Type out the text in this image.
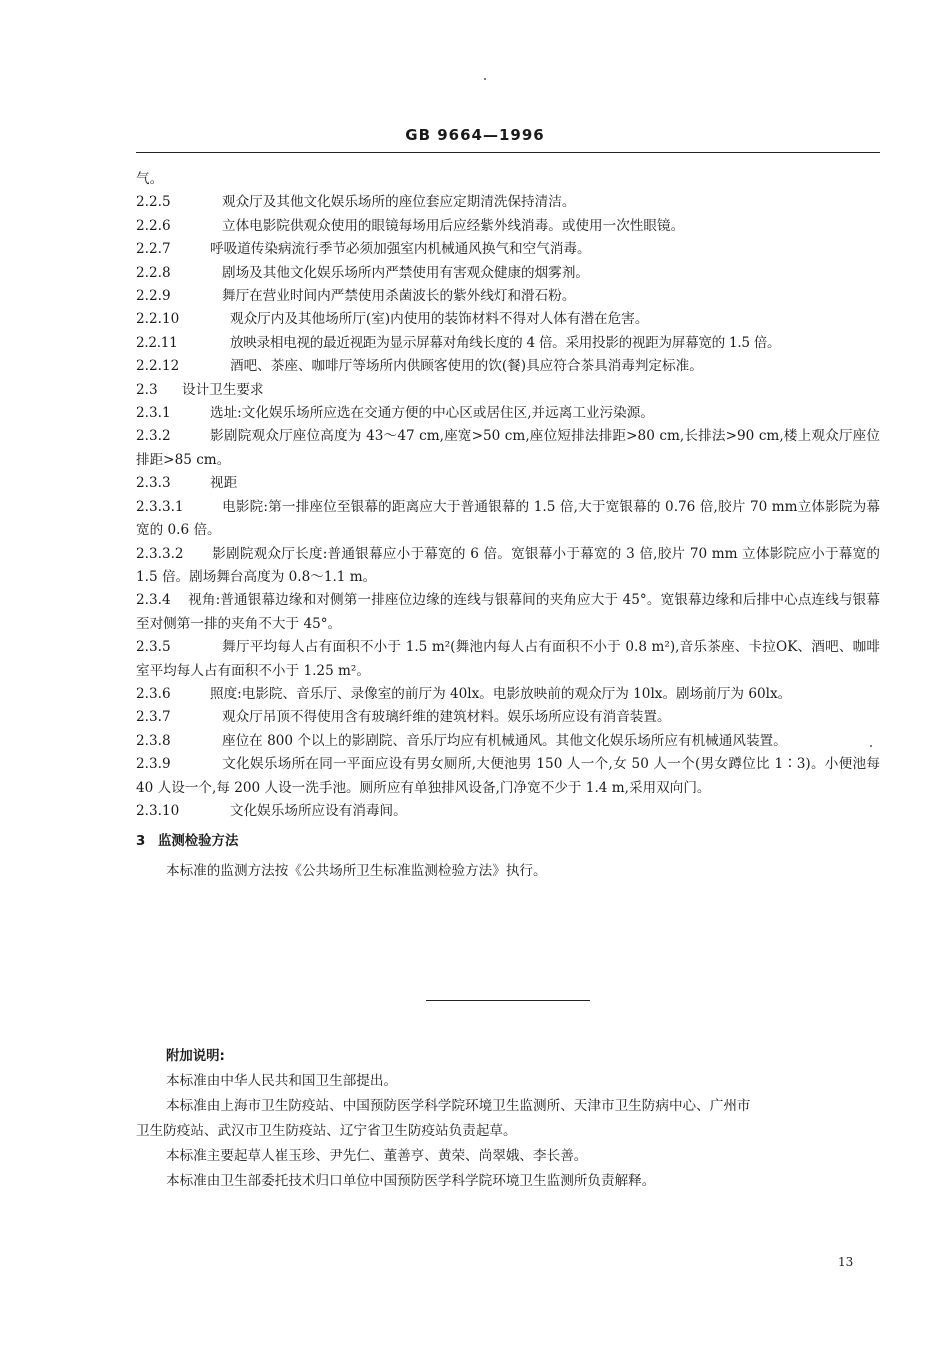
GB 9664—1996

气。

2.2.5	观众厅及其他文化娱乐场所的座位套应定期清洗保持清洁。

2.2.6	立体电影院供观众使用的眼镜每场用后应经紫外线消毒。或使用一次性眼镜。

2.2.7	呼吸道传染病流行季节必须加强室内机械通风换气和空气消毒。

2.2.8	剧场及其他文化娱乐场所内严禁使用有害观众健康的烟雾剂。

2.2.9	舞厅在营业时间内严禁使用杀菌波长的紫外线灯和滑石粉。

2.2.10	观众厅内及其他场所厅(室)内使用的装饰材料不得对人体有潜在危害。

2.2.11	放映录相电视的最近视距为显示屏幕对角线长度的 4 倍。采用投影的视距为屏幕宽的 1.5 倍。

2.2.12	酒吧、茶座、咖啡厅等场所内供顾客使用的饮(餐)具应符合茶具消毒判定标准。

2.3 设计卫生要求

2.3.1	选址:文化娱乐场所应选在交通方便的中心区或居住区,并远离工业污染源。

2.3.2	影剧院观众厅座位高度为 43～47 cm,座宽>50 cm,座位短排法排距>80 cm,长排法>90 cm,楼上观众厅座位排距>85 cm。

2.3.3	视距

2.3.3.1	电影院:第一排座位至银幕的距离应大于普通银幕的 1.5 倍,大于宽银幕的 0.76 倍,胶片 70 mm立体影院为幕宽的 0.6 倍。

2.3.3.2 影剧院观众厅长度:普通银幕应小于幕宽的 6 倍。宽银幕小于幕宽的 3 倍,胶片 70 mm 立体影院应小于幕宽的 1.5 倍。剧场舞台高度为 0.8～1.1 m。

2.3.4 视角:普通银幕边缘和对侧第一排座位边缘的连线与银幕间的夹角应大于 45°。宽银幕边缘和后排中心点连线与银幕至对侧第一排的夹角不大于 45°。

2.3.5	舞厅平均每人占有面积不小于 1.5 m²(舞池内每人占有面积不小于 0.8 m²),音乐茶座、卡拉OK、酒吧、咖啡室平均每人占有面积不小于 1.25 m²。

2.3.6	照度:电影院、音乐厅、录像室的前厅为 40lx。电影放映前的观众厅为 10lx。剧场前厅为 60lx。

2.3.7	观众厅吊顶不得使用含有玻璃纤维的建筑材料。娱乐场所应设有消音装置。

2.3.8	座位在 800 个以上的影剧院、音乐厅均应有机械通风。其他文化娱乐场所应有机械通风装置。

2.3.9	文化娱乐场所在同一平面应设有男女厕所,大便池男 150 人一个,女 50 人一个(男女蹲位比 1∶3)。小便池每 40 人设一个,每 200 人设一洗手池。厕所应有单独排风设备,门净宽不少于 1.4 m,采用双向门。

2.3.10	文化娱乐场所应设有消毒间。

3 监测检验方法

本标准的监测方法按《公共场所卫生标准监测检验方法》执行。

附加说明:

本标准由中华人民共和国卫生部提出。

本标准由上海市卫生防疫站、中国预防医学科学院环境卫生监测所、天津市卫生防病中心、广州市

卫生防疫站、武汉市卫生防疫站、辽宁省卫生防疫站负责起草。

本标准主要起草人崔玉珍、尹先仁、董善亨、黄荣、尚翠娥、李长善。

本标准由卫生部委托技术归口单位中国预防医学科学院环境卫生监测所负责解释。

13
